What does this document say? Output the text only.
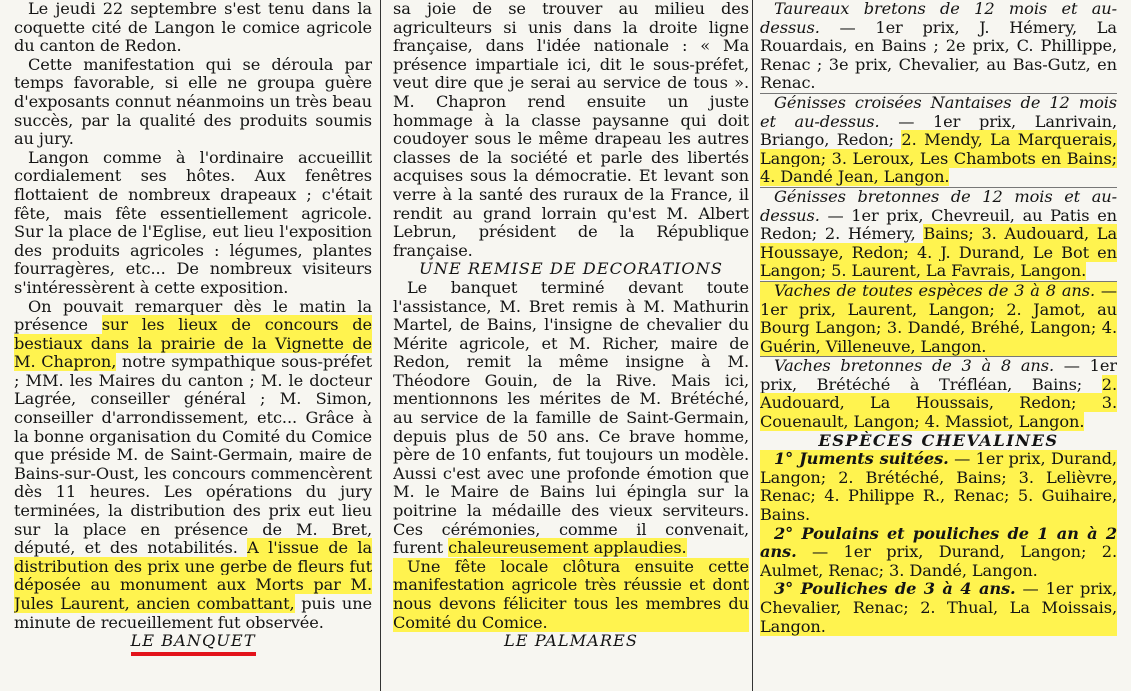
Le jeudi 22 septembre s'est tenu dans la coquette cité de Langon le comice agricole du canton de Redon.

Cette manifestation qui se déroula par temps favorable, si elle ne groupa guère d'exposants connut néanmoins un très beau succès, par la qualité des produits soumis au jury.

Langon comme à l'ordinaire accueillit cordialement ses hôtes. Aux fenêtres flottaient de nombreux drapeaux ; c'était fête, mais fête essentiellement agricole. Sur la place de l'Eglise, eut lieu l'exposition des produits agricoles : légumes, plantes fourragères, etc... De nombreux visiteurs s'intéressèrent à cette exposition.

On pouvait remarquer dès le matin la présence sur les lieux de concours de bestiaux dans la prairie de la Vignette de M. Chapron, notre sympathique sous-préfet ; MM. les Maires du canton ; M. le docteur Lagrée, conseiller général ; M. Simon, conseiller d'arrondissement, etc... Grâce à la bonne organisation du Comité du Comice que préside M. de Saint-Germain, maire de Bains-sur-Oust, les concours commencèrent dès 11 heures. Les opérations du jury terminées, la distribution des prix eut lieu sur la place en présence de M. Bret, député, et des notabilités. A l'issue de la distribution des prix une gerbe de fleurs fut déposée au monument aux Morts par M. Jules Laurent, ancien combattant, puis une minute de recueillement fut observée.

LE BANQUET

sa joie de se trouver au milieu des agriculteurs si unis dans la droite ligne française, dans l'idée nationale : « Ma présence impartiale ici, dit le sous-préfet, veut dire que je serai au service de tous ». M. Chapron rend ensuite un juste hommage à la classe paysanne qui doit coudoyer sous le même drapeau les autres classes de la société et parle des libertés acquises sous la démocratie. Et levant son verre à la santé des ruraux de la France, il rendit au grand lorrain qu'est M. Albert Lebrun, président de la République française.

UNE REMISE DE DECORATIONS

Le banquet terminé devant toute l'assistance, M. Bret remis à M. Mathurin Martel, de Bains, l'insigne de chevalier du Mérite agricole, et M. Richer, maire de Redon, remit la même insigne à M. Théodore Gouin, de la Rive. Mais ici, mentionnons les mérites de M. Brétéché, au service de la famille de Saint-Germain, depuis plus de 50 ans. Ce brave homme, père de 10 enfants, fut toujours un modèle. Aussi c'est avec une profonde émotion que M. le Maire de Bains lui épingla sur la poitrine la médaille des vieux serviteurs. Ces cérémonies, comme il convenait, furent chaleureusement applaudies.

Une fête locale clôtura ensuite cette manifestation agricole très réussie et dont nous devons féliciter tous les membres du Comité du Comice.

LE PALMARES

Taureaux bretons de 12 mois et au-dessus. — 1er prix, J. Hémery, La Rouardais, en Bains ; 2e prix, C. Phillippe, Renac ; 3e prix, Chevalier, au Bas-Gutz, en Renac.

Génisses croisées Nantaises de 12 mois et au-dessus. — 1er prix, Lanrivain, Briango, Redon; 2. Mendy, La Marquerais, Langon; 3. Leroux, Les Chambots en Bains; 4. Dandé Jean, Langon.

Génisses bretonnes de 12 mois et au-dessus. — 1er prix, Chevreuil, au Patis en Redon; 2. Hémery, Bains; 3. Audouard, La Houssaye, Redon; 4. J. Durand, Le Bot en Langon; 5. Laurent, La Favrais, Langon.

Vaches de toutes espèces de 3 à 8 ans. — 1er prix, Laurent, Langon; 2. Jamot, au Bourg Langon; 3. Dandé, Bréhé, Langon; 4. Guérin, Villeneuve, Langon.

Vaches bretonnes de 3 à 8 ans. — 1er prix, Brétéché à Tréfléan, Bains; 2. Audouard, La Houssais, Redon; 3. Couenault, Langon; 4. Massiot, Langon.

ESPÈCES CHEVALINES

1° Juments suitées. — 1er prix, Durand, Langon; 2. Brétéché, Bains; 3. Lelièvre, Renac; 4. Philippe R., Renac; 5. Guihaire, Bains.

2° Poulains et pouliches de 1 an à 2 ans. — 1er prix, Durand, Langon; 2. Aulmet, Renac; 3. Dandé, Langon.

3° Pouliches de 3 à 4 ans. — 1er prix, Chevalier, Renac; 2. Thual, La Moissais, Langon.
